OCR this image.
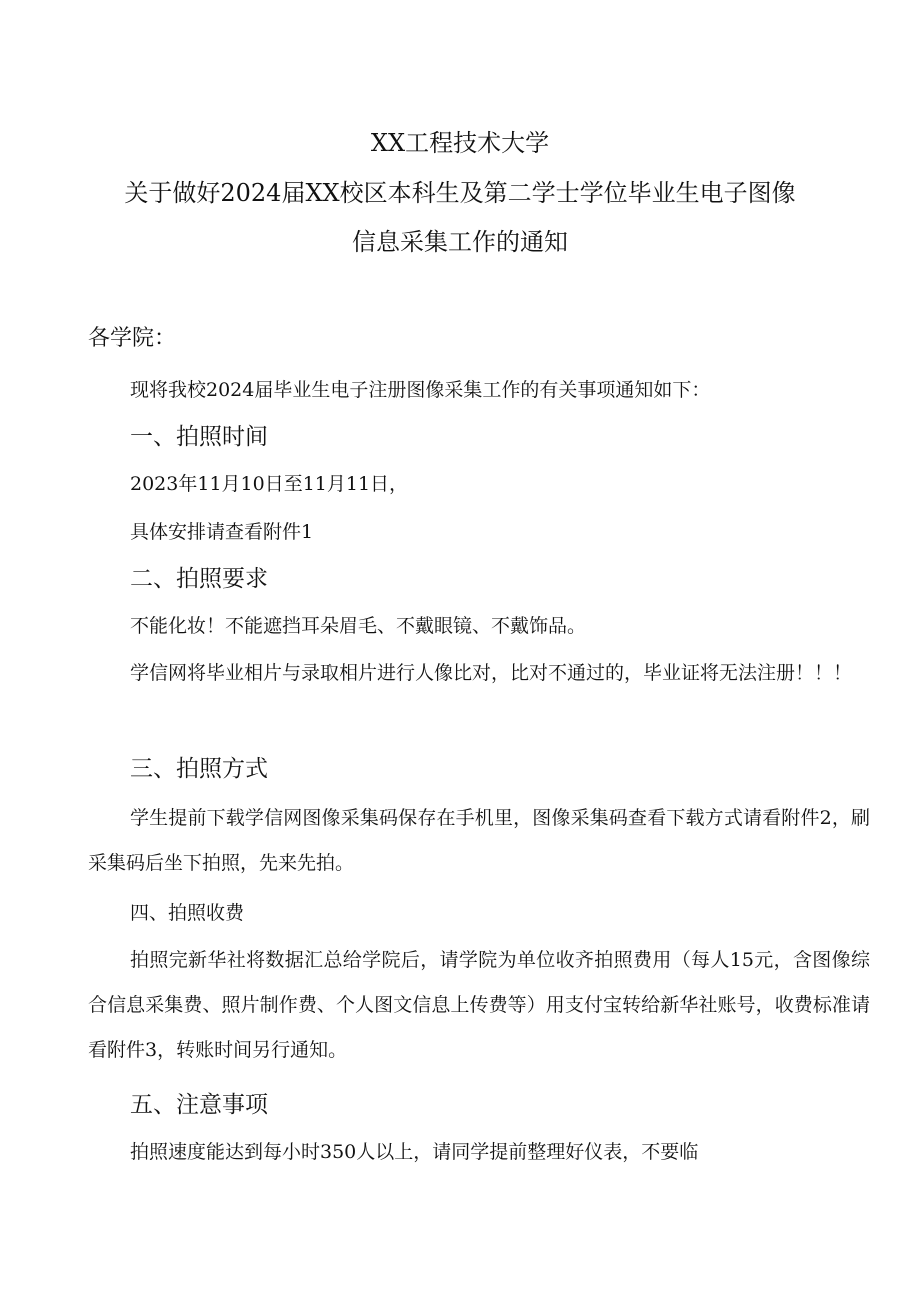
XX工程技术大学
关于做好2024届XX校区本科生及第二学士学位毕业生电子图像
信息采集工作的通知
各学院：
现将我校2024届毕业生电子注册图像采集工作的有关事项通知如下：
一、拍照时间
2023年11月10日至11月11日，
具体安排请查看附件1
二、拍照要求
不能化妆！不能遮挡耳朵眉毛、不戴眼镜、不戴饰品。
学信网将毕业相片与录取相片进行人像比对，比对不通过的，毕业证将无法注册！！！
三、拍照方式
学生提前下载学信网图像采集码保存在手机里，图像采集码查看下载方式请看附件2，刷采集码后坐下拍照，先来先拍。
四、拍照收费
拍照完新华社将数据汇总给学院后，请学院为单位收齐拍照费用（每人15元，含图像综合信息采集费、照片制作费、个人图文信息上传费等）用支付宝转给新华社账号，收费标准请看附件3，转账时间另行通知。
五、注意事项
拍照速度能达到每小时350人以上，请同学提前整理好仪表，不要临
